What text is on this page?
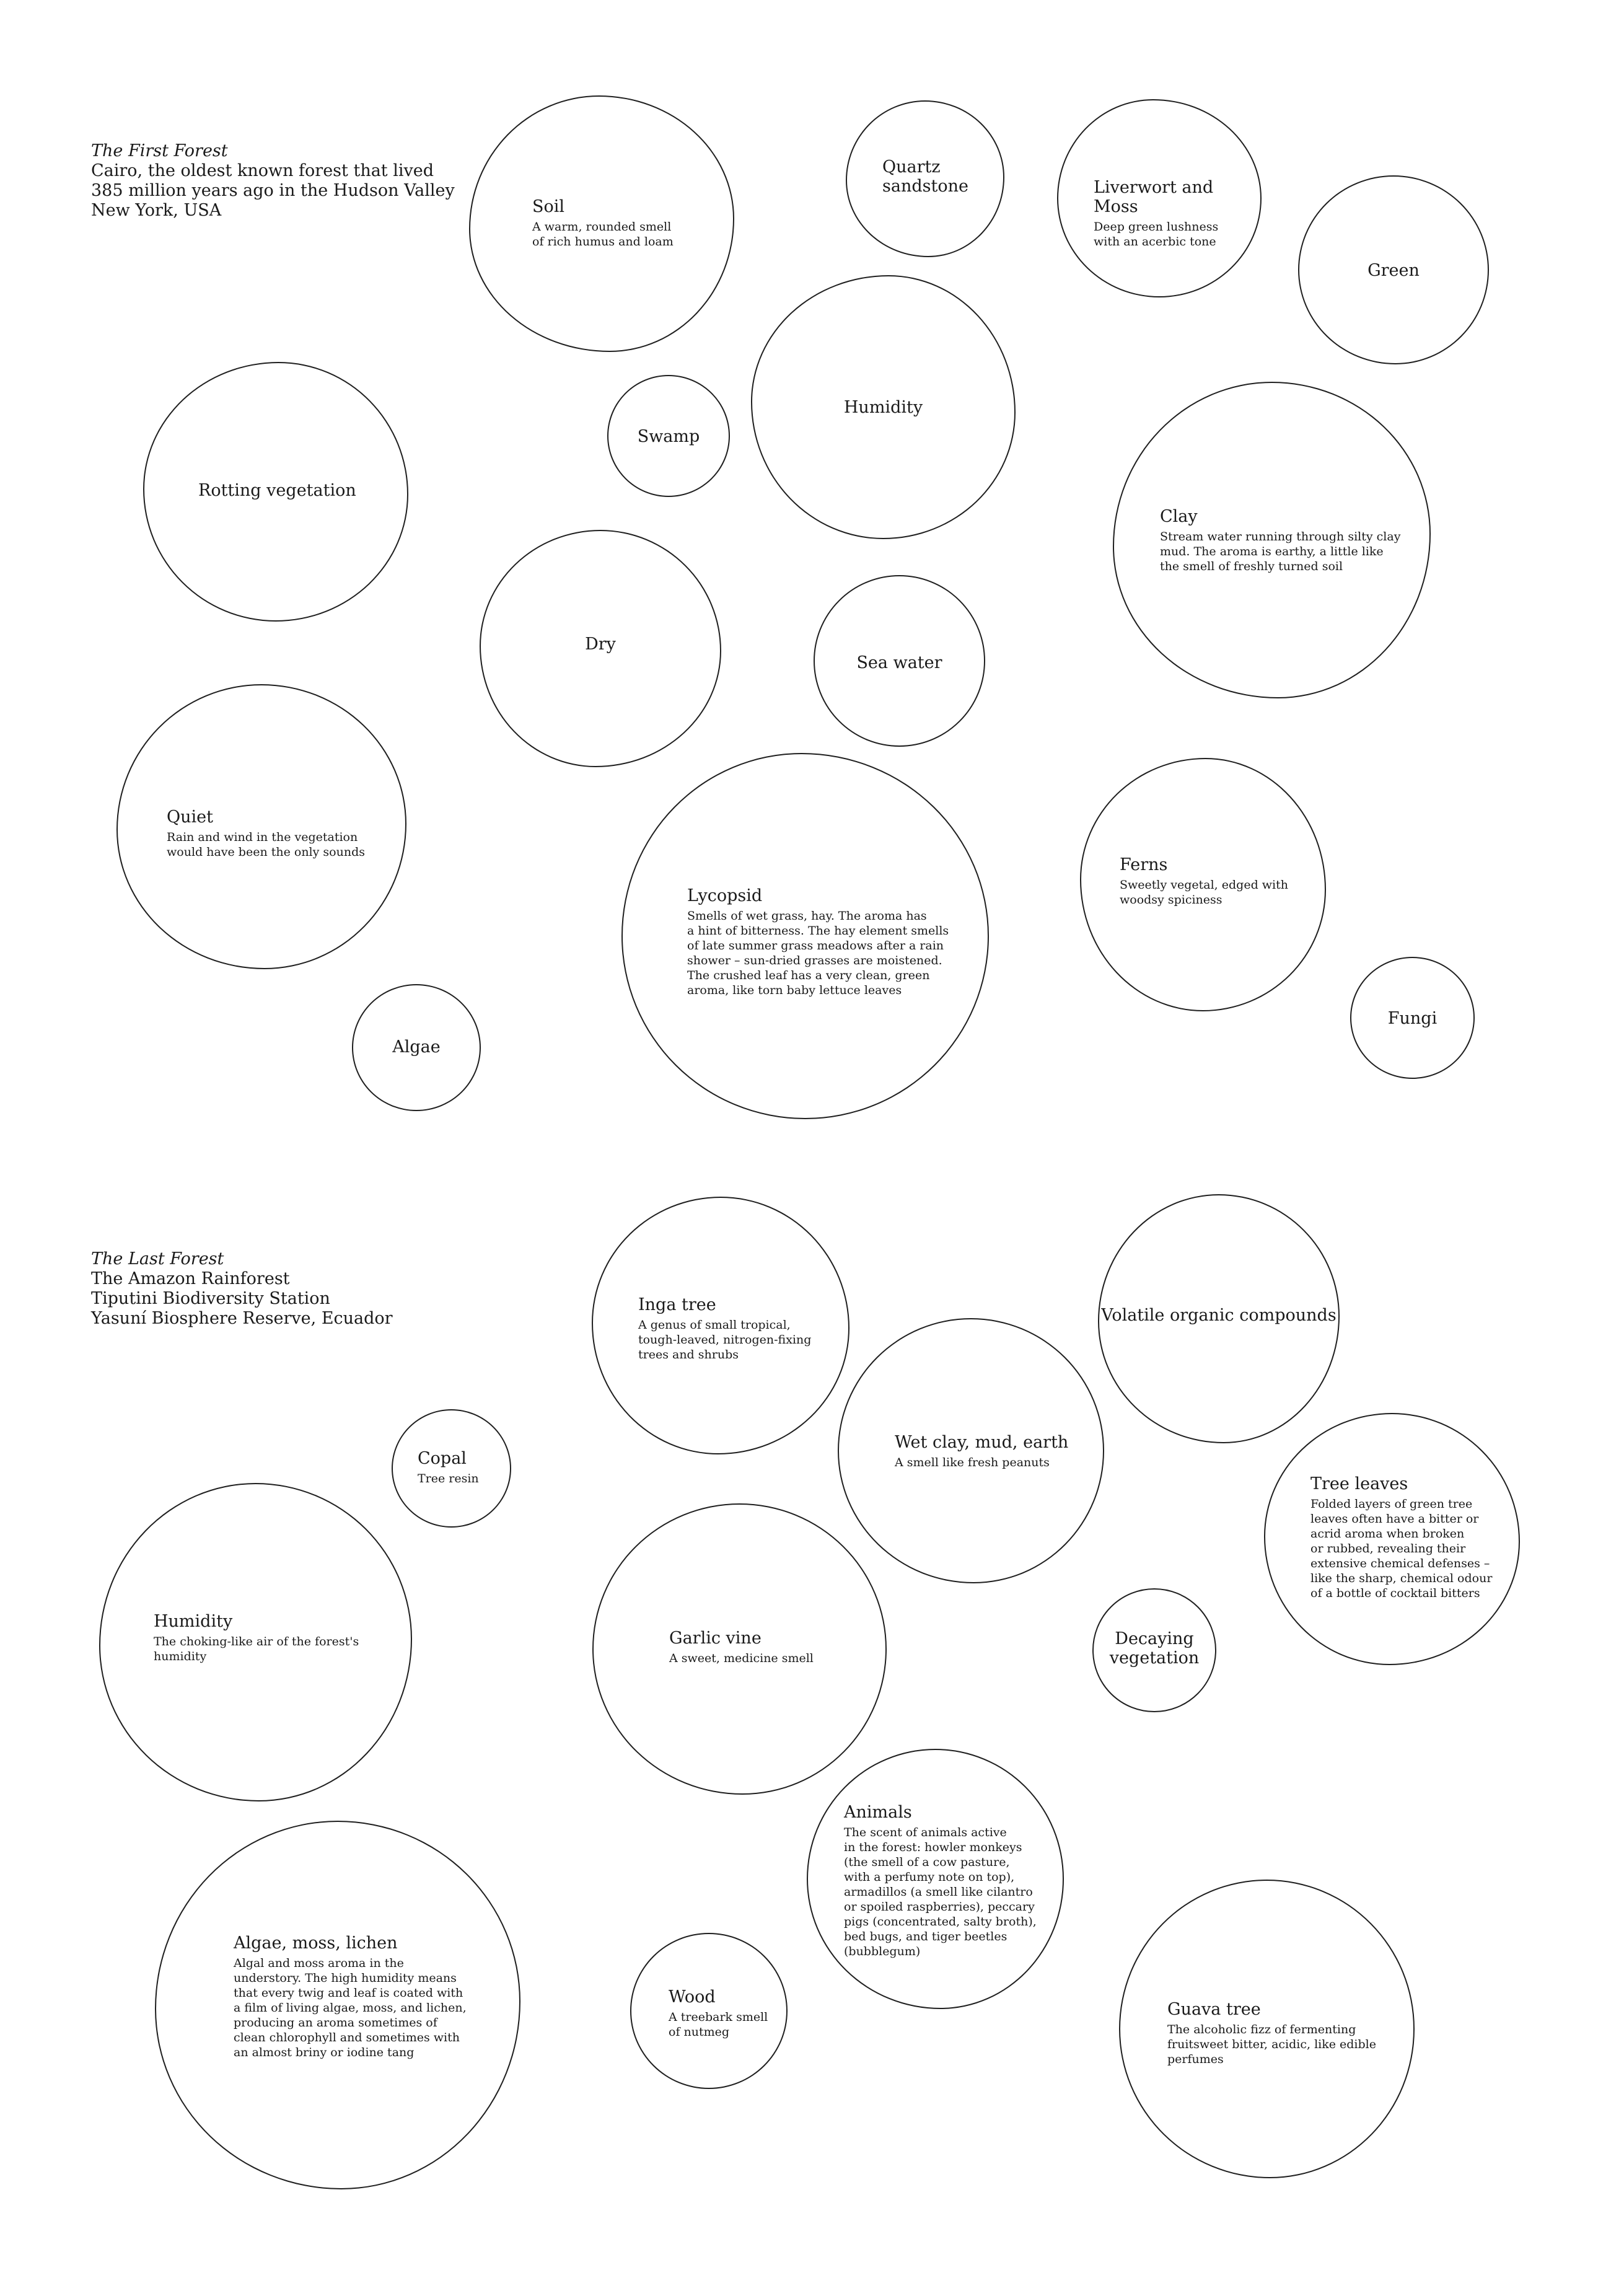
The First Forest
Cairo, the oldest known forest that lived
385 million years ago in the Hudson Valley
New York, USA
The Last Forest
The Amazon Rainforest
Tiputini Biodiversity Station
Yasuní Biosphere Reserve, Ecuador
Soil
A warm, rounded smell
of rich humus and loam
Quartz
sandstone	Liverwort and Moss
Deep green lushness
with an acerbic tone
Green
Rotting vegetation
Swamp
Humidity
Clay
Stream water running through silty clay
mud. The aroma is earthy, a little like
the smell of freshly turned soil
Dry
Sea water
Quiet
Rain and wind in the vegetation
would have been the only sounds
Lycopsid
Smells of wet grass, hay. The aroma has
a hint of bitterness. The hay element smells
of late summer grass meadows after a rain
shower – sun-dried grasses are moistened.
The crushed leaf has a very clean, green
aroma, like torn baby lettuce leaves
Ferns
Sweetly vegetal, edged with
woodsy spiciness
Fungi
Algae
Inga tree
A genus of small tropical,
tough-leaved, nitrogen-fixing
trees and shrubs
Volatile organic compounds
Copal
Tree resin
Wet clay, mud, earth
A smell like fresh peanuts
Tree leaves
Folded layers of green tree
leaves often have a bitter or
acrid aroma when broken
or rubbed, revealing their
extensive chemical defenses –
like the sharp, chemical odour
of a bottle of cocktail bitters
Humidity
The choking-like air of the forest's
humidity
Garlic vine
A sweet, medicine smell
Decaying
vegetation
Animals
The scent of animals active
in the forest: howler monkeys
(the smell of a cow pasture,
with a perfumy note on top),
armadillos (a smell like cilantro
or spoiled raspberries), peccary
pigs (concentrated, salty broth),
bed bugs, and tiger beetles
(bubblegum)
Algae, moss, lichen
Algal and moss aroma in the
understory. The high humidity means
that every twig and leaf is coated with
a film of living algae, moss, and lichen,
producing an aroma sometimes of
clean chlorophyll and sometimes with
an almost briny or iodine tang
Wood
A treebark smell
of nutmeg
Guava tree
The alcoholic fizz of fermenting
fruitsweet bitter, acidic, like edible
perfumes
